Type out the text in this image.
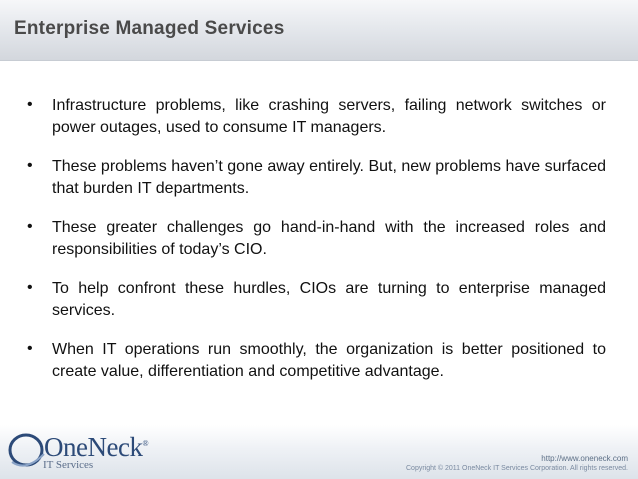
Enterprise Managed Services
• Infrastructure problems, like crashing servers, failing network switches or power outages, used to consume IT managers.
• These problems haven’t gone away entirely. But, new problems have surfaced that burden IT departments.
• These greater challenges go hand-in-hand with the increased roles and responsibilities of today’s CIO.
• To help confront these hurdles, CIOs are turning to enterprise managed services.
• When IT operations run smoothly, the organization is better positioned to create value, differentiation and competitive advantage.
OneNeck®
IT Services
http://www.oneneck.com
Copyright © 2011 OneNeck IT Services Corporation. All rights reserved.
